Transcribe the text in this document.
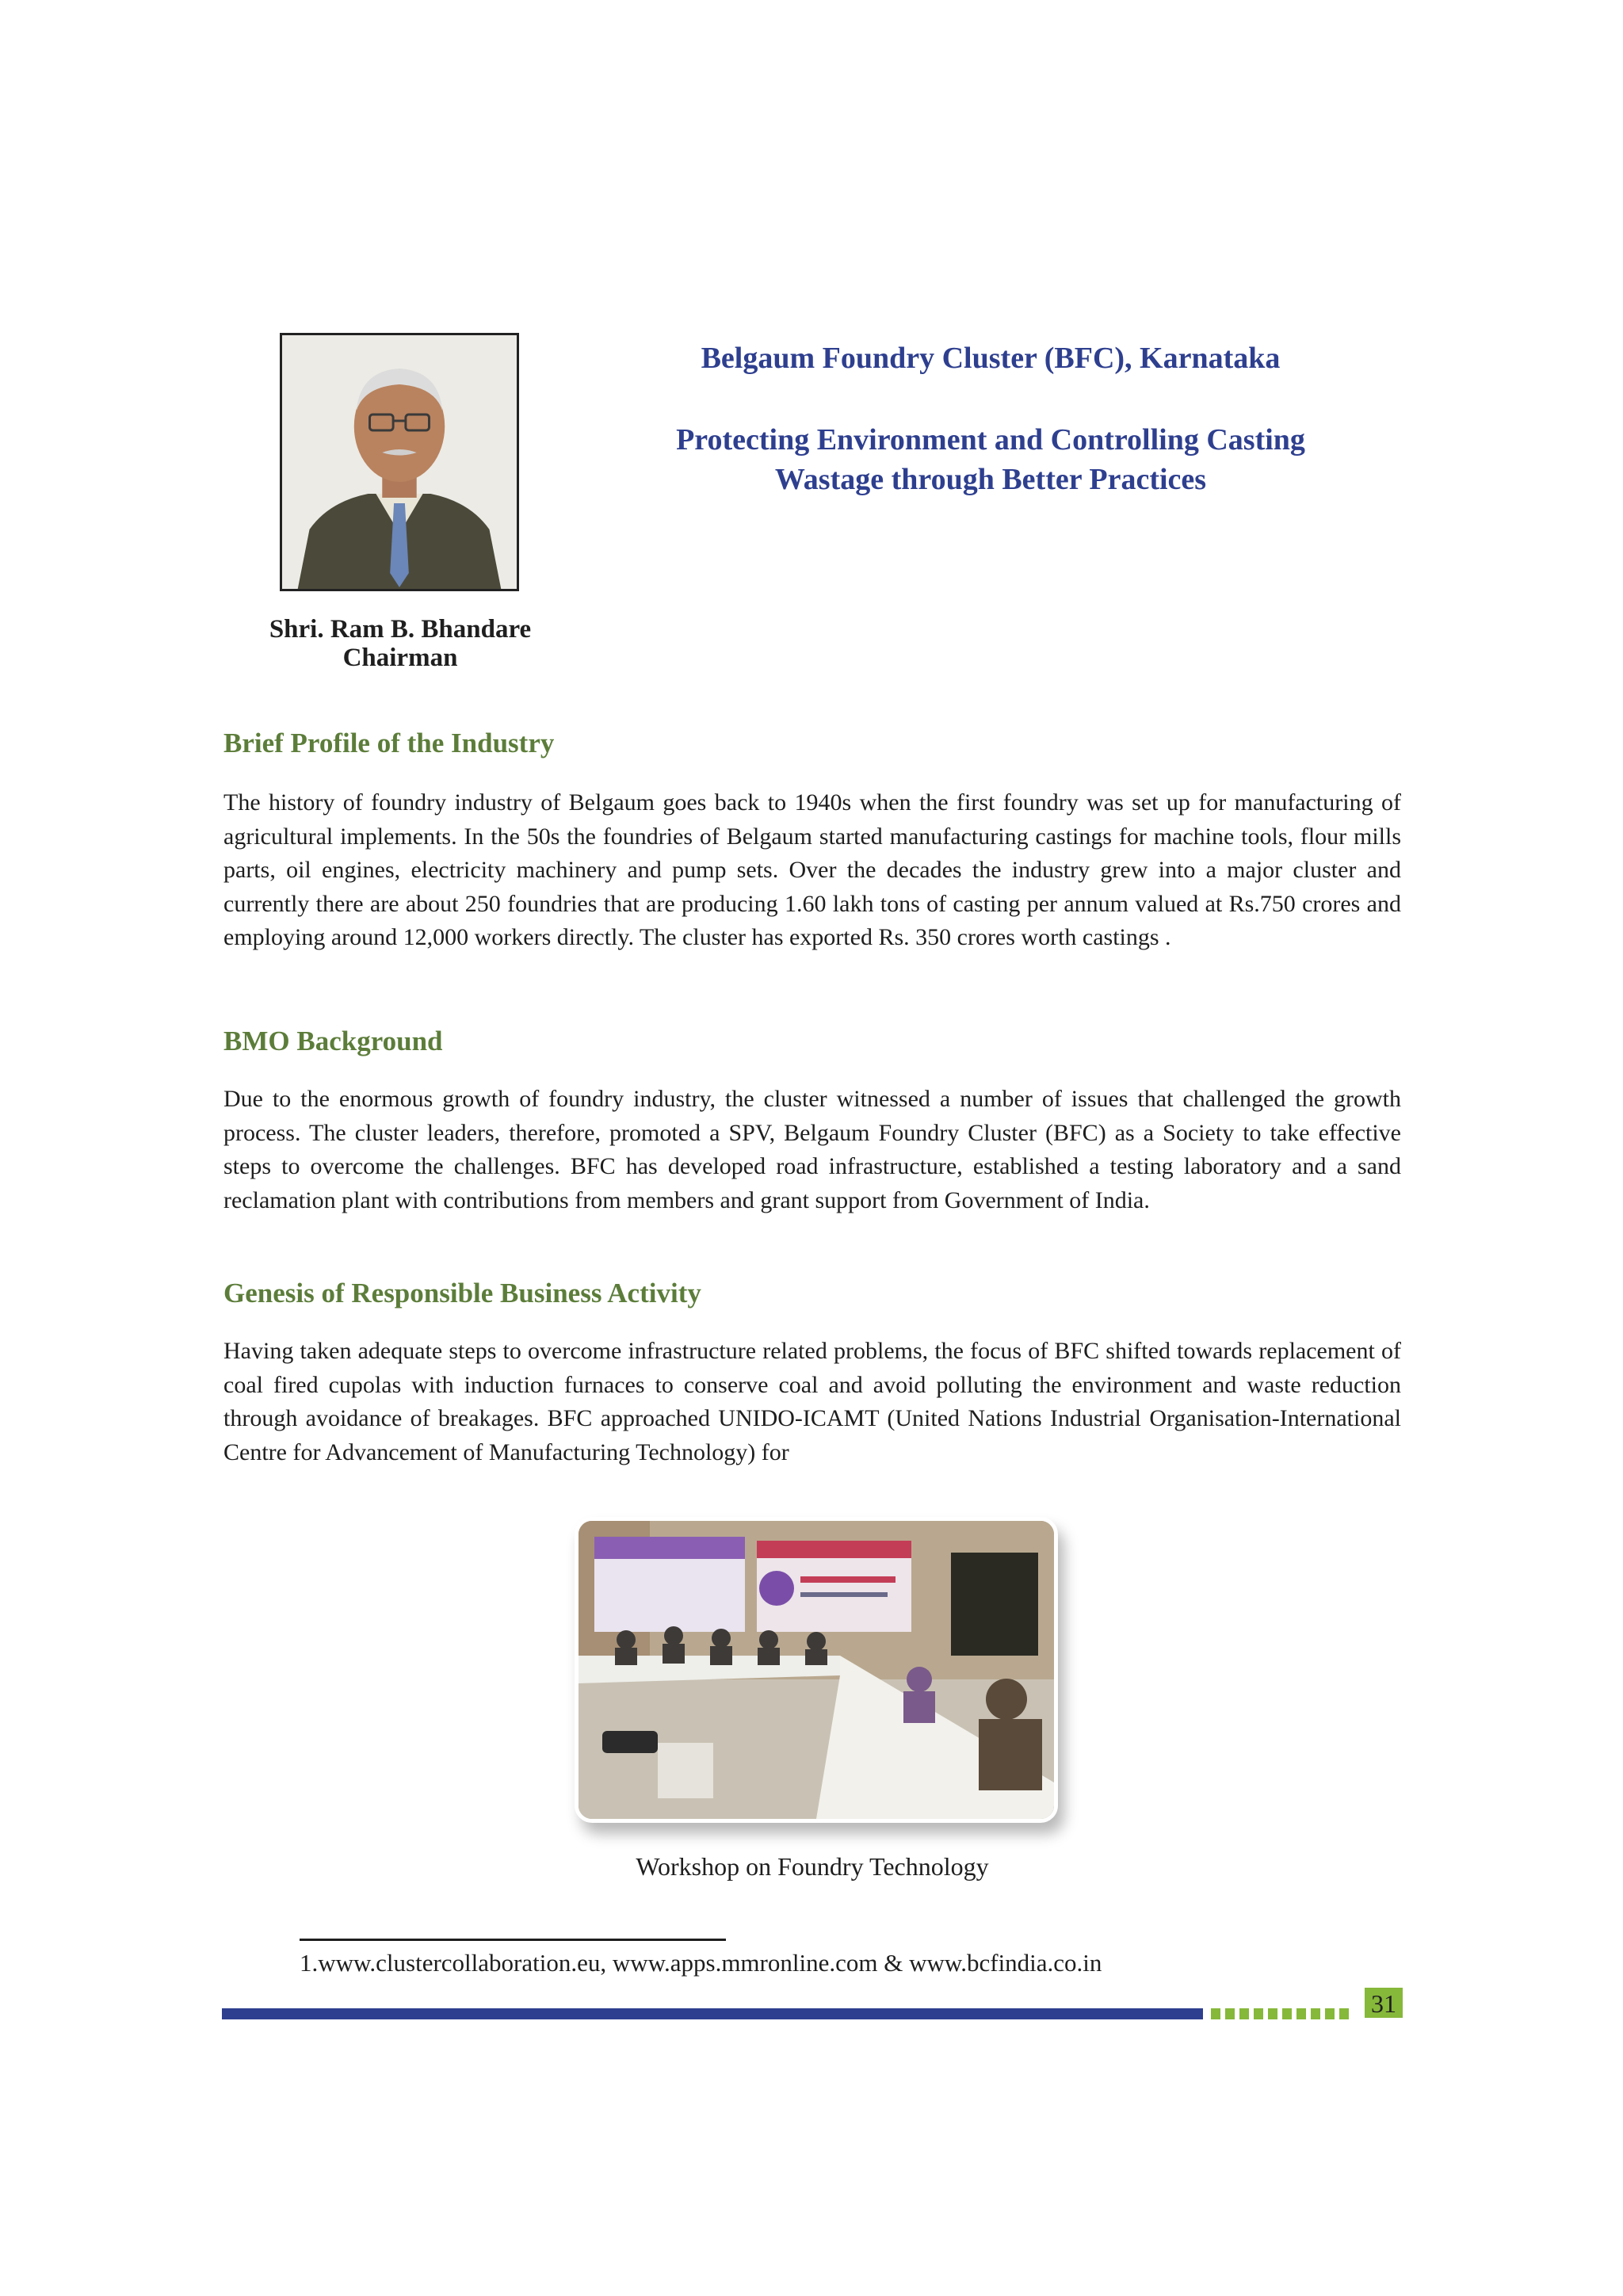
Shri. Ram B. Bhandare
Chairman
Belgaum Foundry Cluster (BFC), Karnataka
Protecting Environment and Controlling Casting
Wastage through Better Practices
Brief Profile of the Industry

The history of foundry industry of Belgaum goes back to 1940s when the first foundry was set up for manufacturing of agricultural implements. In the 50s the foundries of Belgaum started manufacturing castings for machine tools, flour mills parts, oil engines, electricity machinery and pump sets. Over the decades the industry grew into a major cluster and currently there are about 250 foundries that are producing 1.60 lakh tons of casting per annum valued at Rs.750 crores and employing around 12,000 workers directly. The cluster has exported Rs. 350 crores worth castings .

BMO Background

Due to the enormous growth of foundry industry, the cluster witnessed a number of issues that challenged the growth process. The cluster leaders, therefore, promoted a SPV, Belgaum Foundry Cluster (BFC) as a Society to take effective steps to overcome the challenges. BFC has developed road infrastructure, established a testing laboratory and a sand reclamation plant with contributions from members and grant support from Government of India.

Genesis of Responsible Business Activity

Having taken adequate steps to overcome infrastructure related problems, the focus of BFC shifted towards replacement of coal fired cupolas with induction furnaces to conserve coal and avoid polluting the environment and waste reduction through avoidance of breakages. BFC approached UNIDO-ICAMT (United Nations Industrial Organisation-International Centre for Advancement of Manufacturing Technology) for

Workshop on Foundry Technology
1.www.clustercollaboration.eu, www.apps.mmronline.com & www.bcfindia.co.in
31
